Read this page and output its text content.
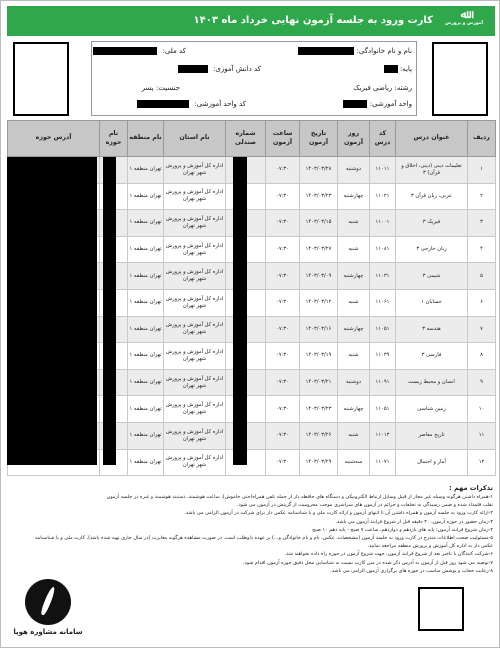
ﷲ
آموزش و پرورش
کارت ورود به جلسه آزمون نهایی خرداد ماه ۱۴۰۳
نام و نام خانوادگی:
کد ملی:
پایه:
کد دانش آموزی:
رشته: ریاضی فیزیک
جنسیت: پسر
واحد آموزشی:
کد واحد آموزشی:
ردیف	عنوان درس	کد درس	روز آزمون	تاریخ آزمون	ساعت آزمون	شماره صندلی	نام استان	نام منطقه	نام حوزه	آدرس حوزه
۱	تعلیمات دینی (دینی، اخلاق و قرآن) ۳	۱۱۰۱۱	دوشنبه	۱۴۰۳/۰۳/۲۸	۰۷:۳۰		اداره کل آموزش و پرورش شهر تهران	تهران منطقه ۱		
۲	عربی، زبان قرآن ۳	۱۱۰۲۱	چهارشنبه	۱۴۰۳/۰۳/۲۳	۰۷:۳۰		اداره کل آموزش و پرورش شهر تهران	تهران منطقه ۱		
۳	فیزیک ۳	۱۱۰۰۱	شنبه	۱۴۰۳/۰۳/۱۵	۰۷:۳۰		اداره کل آموزش و پرورش شهر تهران	تهران منطقه ۱		
۴	زبان خارجی ۳	۱۱۰۸۱	شنبه	۱۴۰۳/۰۳/۲۷	۰۷:۳۰		اداره کل آموزش و پرورش شهر تهران	تهران منطقه ۱		
۵	شیمی ۳	۱۱۰۳۱	چهارشنبه	۱۴۰۳/۰۳/۰۹	۰۷:۳۰		اداره کل آموزش و پرورش شهر تهران	تهران منطقه ۱		
۶	حسابان ۱	۱۱۰۶۱	شنبه	۱۴۰۳/۰۳/۱۲	۰۷:۳۰		اداره کل آموزش و پرورش شهر تهران	تهران منطقه ۱		
۷	هندسه ۳	۱۱۰۵۱	چهارشنبه	۱۴۰۳/۰۳/۱۶	۰۷:۳۰		اداره کل آموزش و پرورش شهر تهران	تهران منطقه ۱		
۸	فارسی ۳	۱۱۰۳۹	شنبه	۱۴۰۳/۰۳/۱۹	۰۷:۳۰		اداره کل آموزش و پرورش شهر تهران	تهران منطقه ۱		
۹	انسان و محیط زیست	۱۱۰۹۱	دوشنبه	۱۴۰۳/۰۳/۲۱	۰۷:۳۰		اداره کل آموزش و پرورش شهر تهران	تهران منطقه ۱		
۱۰	زمین شناسی	۱۱۰۵۱	چهارشنبه	۱۴۰۳/۰۳/۲۳	۰۷:۳۰		اداره کل آموزش و پرورش شهر تهران	تهران منطقه ۱		
۱۱	تاریخ معاصر	۱۱۰۱۳	شنبه	۱۴۰۳/۰۳/۲۶	۰۷:۳۰		اداره کل آموزش و پرورش شهر تهران	تهران منطقه ۱		
۱۲	آمار و احتمال	۱۱۰۷۱	سه‌شنبه	۱۴۰۳/۰۳/۲۹	۰۷:۳۰		اداره کل آموزش و پرورش شهر تهران	تهران منطقه ۱		
تذکرات مهم :
۱-همراه داشتن هرگونه وسیله غیر مجاز از قبیل وسایل ارتباط الکترونیکی و دستگاه های حافظه دار از جمله تلفن همراه(حتی خاموش)، ساعت هوشمند، دستبند هوشمند و غیره در جلسه آزمون
تقلب قلمداد شده و ضمن رسیدگی به تخلفات و جرائم در آزمون های سراسری موجب محرومیت از گزینش در آزمون می شود.
۲-ارائه کارت ورود به جلسه آزمون و همراه داشتن آن تا انتهای آزمون و ارائه کارت ملی و یا شناسنامه عکس دار برای شرکت در آزمون الزامی می باشد.
۳-زمان حضور در حوزه آزمون، ۳۰ دقیقه قبل از شروع فرایند آزمون می باشد.
۴-زمان شروع فرایند آزمون: پایه های یازدهم و دوازدهم، ساعت ۷ صبح - پایه دهم ۱۰ صبح
۵-مسئولیت صحت اطلاعات مندرج در کارت ورود به جلسه آزمون (مشخصات، عکس، نام و نام خانوادگی و...) بر عهده داوطلب است. در صورت مشاهده هرگونه مغایرت (در سال جاری تهیه شده باشد)، کارت ملی و یا شناسنامه
عکس دار به اداره کل آموزش و پرورش منطقه مراجعه نمایید.
۶-شرکت کنندگان با تاخیر بعد از شروع فرایند آزمون، جهت شروع آزمون در حوزه راه داده نخواهند شد.
۷-توصیه می شود روز قبل از آزمون به آدرس ذکر شده در متن کارت نسبت به شناسایی محل دقیق حوزه آزمون اقدام شود.
۸-رعایت حجاب و پوشش مناسب در حوزه های برگزاری آزمون الزامی می باشد.
سامانه مشاوره هوپا
